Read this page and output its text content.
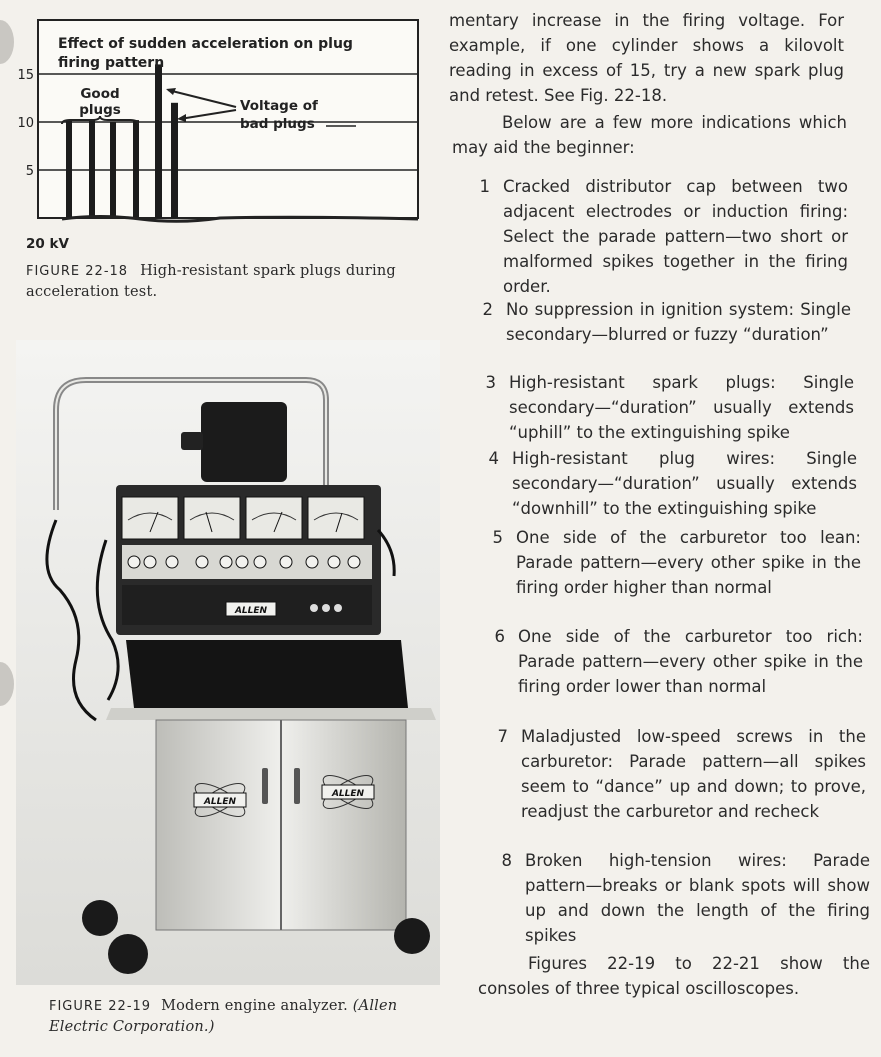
15
10
5
Effect of sudden acceleration on plug
firing pattern
Good
plugs	Voltage of
bad plugs
20 kV
FIGURE 22-18 High-resistant spark plugs during acceleration test.
ALLEN
ALLEN
ALLEN
FIGURE 22-19 Modern engine analyzer. (Allen Electric Corporation.)

mentary increase in the firing voltage. For example, if one cylinder shows a kilovolt reading in excess of 15, try a new spark plug and retest. See Fig. 22-18.

Below are a few more indications which may aid the beginner:

1 Cracked distributor cap between two adjacent electrodes or induction firing: Select the parade pattern—two short or malformed spikes together in the firing order.
2 No suppression in ignition system: Single secondary—blurred or fuzzy “duration”
3 High-resistant spark plugs: Single secondary—“duration” usually extends “uphill” to the extinguishing spike
4 High-resistant plug wires: Single secondary—“duration” usually extends “downhill” to the extinguishing spike
5 One side of the carburetor too lean: Parade pattern—every other spike in the firing order higher than normal
6 One side of the carburetor too rich: Parade pattern—every other spike in the firing order lower than normal
7 Maladjusted low-speed screws in the carburetor: Parade pattern—all spikes seem to “dance” up and down; to prove, readjust the carburetor and recheck
8 Broken high-tension wires: Parade pattern—breaks or blank spots will show up and down the length of the firing spikes

Figures 22-19 to 22-21 show the consoles of three typical oscilloscopes.
